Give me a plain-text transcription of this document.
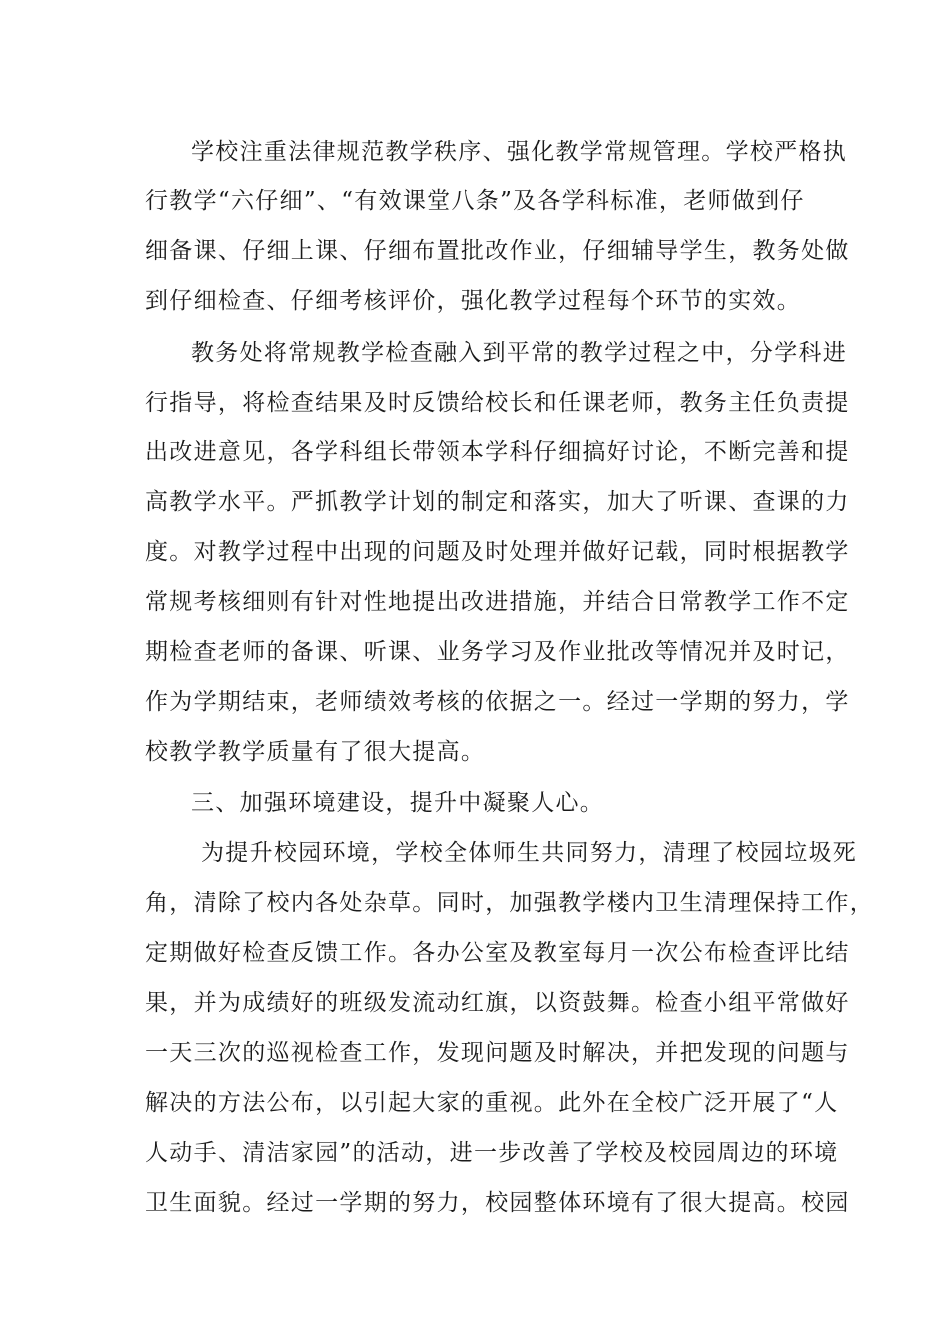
学校注重法律规范教学秩序、强化教学常规管理。学校严格执
行教学“六仔细”、“有效课堂八条”及各学科标准，老师做到仔
细备课、仔细上课、仔细布置批改作业，仔细辅导学生，教务处做
到仔细检查、仔细考核评价，强化教学过程每个环节的实效。
教务处将常规教学检查融入到平常的教学过程之中，分学科进
行指导，将检查结果及时反馈给校长和任课老师，教务主任负责提
出改进意见，各学科组长带领本学科仔细搞好讨论，不断完善和提
高教学水平。严抓教学计划的制定和落实，加大了听课、查课的力
度。对教学过程中出现的问题及时处理并做好记载，同时根据教学
常规考核细则有针对性地提出改进措施，并结合日常教学工作不定
期检查老师的备课、听课、业务学习及作业批改等情况并及时记，
作为学期结束，老师绩效考核的依据之一。经过一学期的努力，学
校教学教学质量有了很大提高。
三、加强环境建设，提升中凝聚人心。
为提升校园环境，学校全体师生共同努力，清理了校园垃圾死
角，清除了校内各处杂草。同时，加强教学楼内卫生清理保持工作，
定期做好检查反馈工作。各办公室及教室每月一次公布检查评比结
果，并为成绩好的班级发流动红旗，以资鼓舞。检查小组平常做好
一天三次的巡视检查工作，发现问题及时解决，并把发现的问题与
解决的方法公布，以引起大家的重视。此外在全校广泛开展了“人
人动手、清洁家园”的活动，进一步改善了学校及校园周边的环境
卫生面貌。经过一学期的努力，校园整体环境有了很大提高。校园
